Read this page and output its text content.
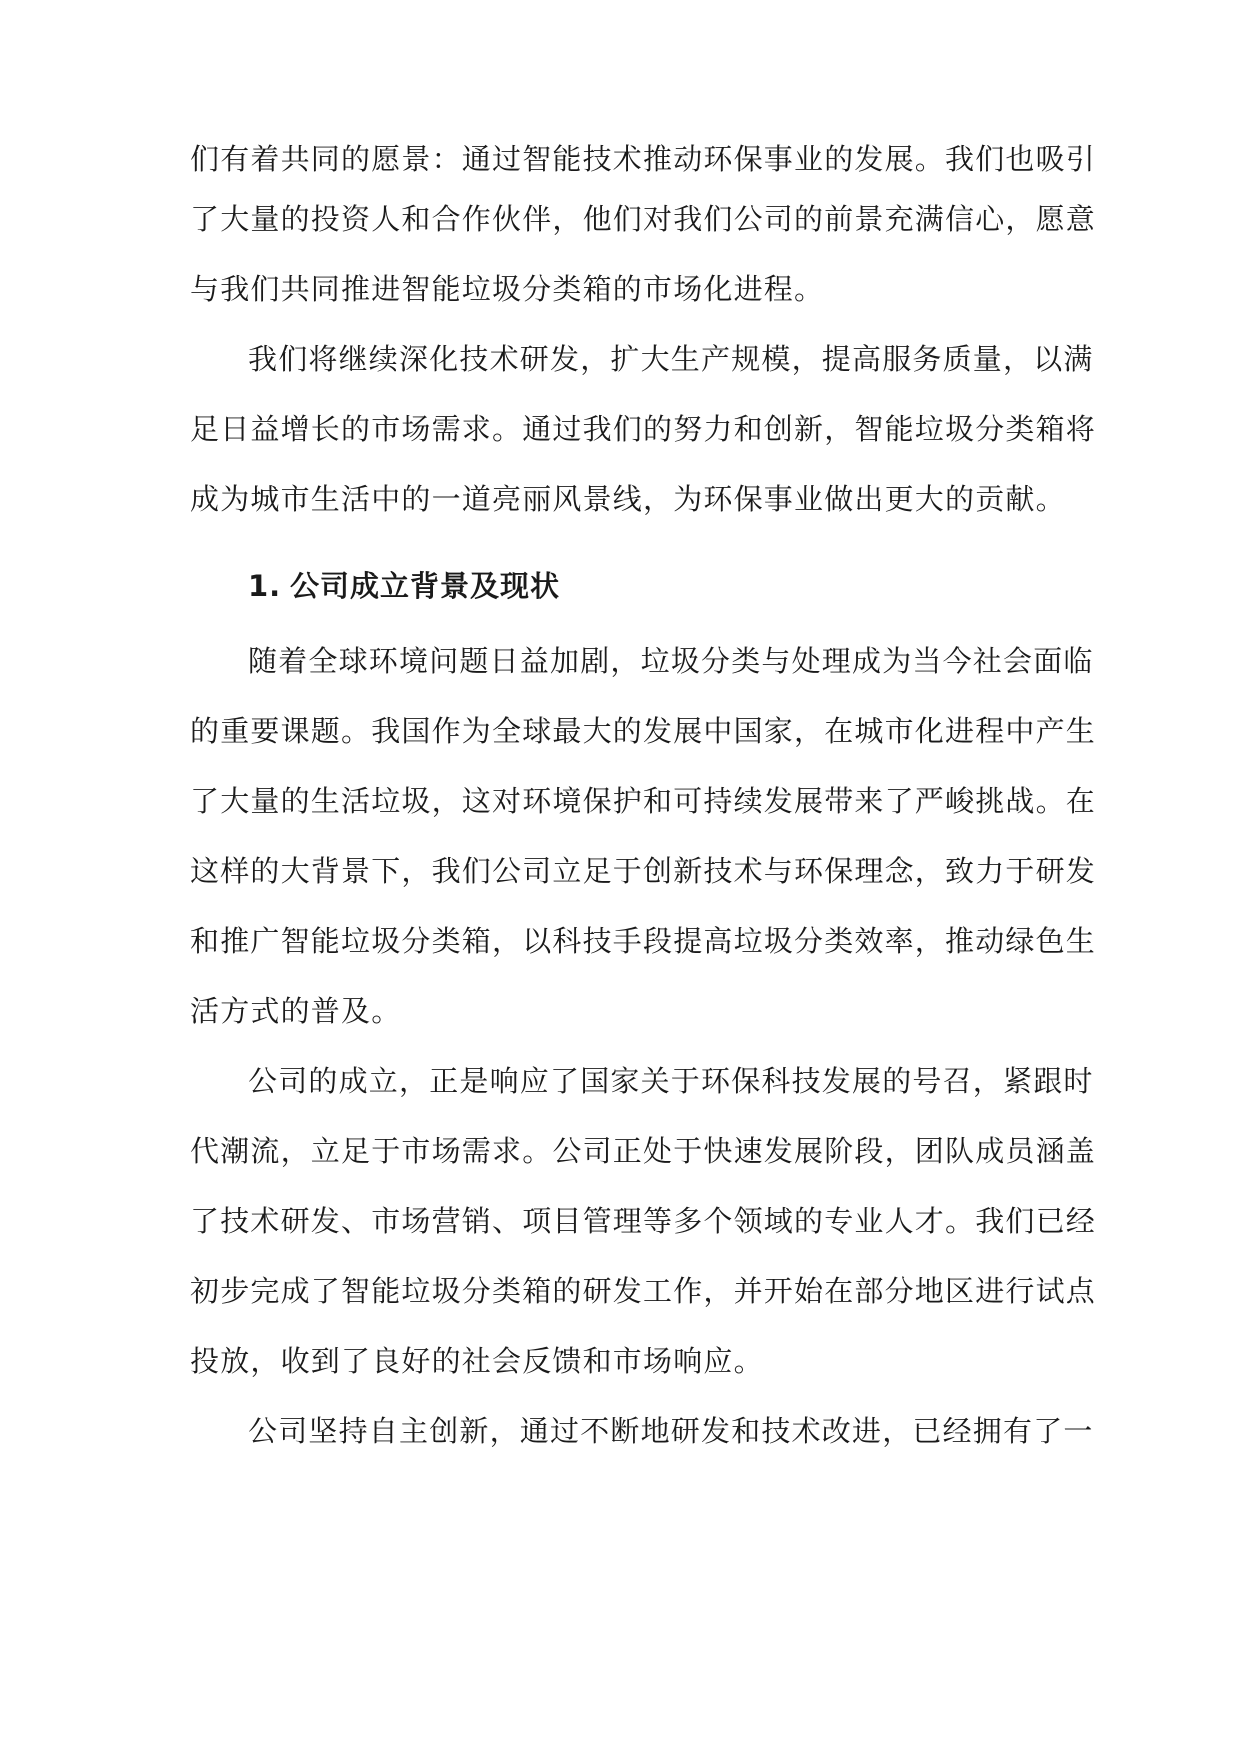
们有着共同的愿景：通过智能技术推动环保事业的发展。我们也吸引
了大量的投资人和合作伙伴，他们对我们公司的前景充满信心，愿意
与我们共同推进智能垃圾分类箱的市场化进程。
我们将继续深化技术研发，扩大生产规模，提高服务质量，以满
足日益增长的市场需求。通过我们的努力和创新，智能垃圾分类箱将
成为城市生活中的一道亮丽风景线，为环保事业做出更大的贡献。
1. 公司成立背景及现状
随着全球环境问题日益加剧，垃圾分类与处理成为当今社会面临
的重要课题。我国作为全球最大的发展中国家，在城市化进程中产生
了大量的生活垃圾，这对环境保护和可持续发展带来了严峻挑战。在
这样的大背景下，我们公司立足于创新技术与环保理念，致力于研发
和推广智能垃圾分类箱，以科技手段提高垃圾分类效率，推动绿色生
活方式的普及。
公司的成立，正是响应了国家关于环保科技发展的号召，紧跟时
代潮流，立足于市场需求。公司正处于快速发展阶段，团队成员涵盖
了技术研发、市场营销、项目管理等多个领域的专业人才。我们已经
初步完成了智能垃圾分类箱的研发工作，并开始在部分地区进行试点
投放，收到了良好的社会反馈和市场响应。
公司坚持自主创新，通过不断地研发和技术改进，已经拥有了一
